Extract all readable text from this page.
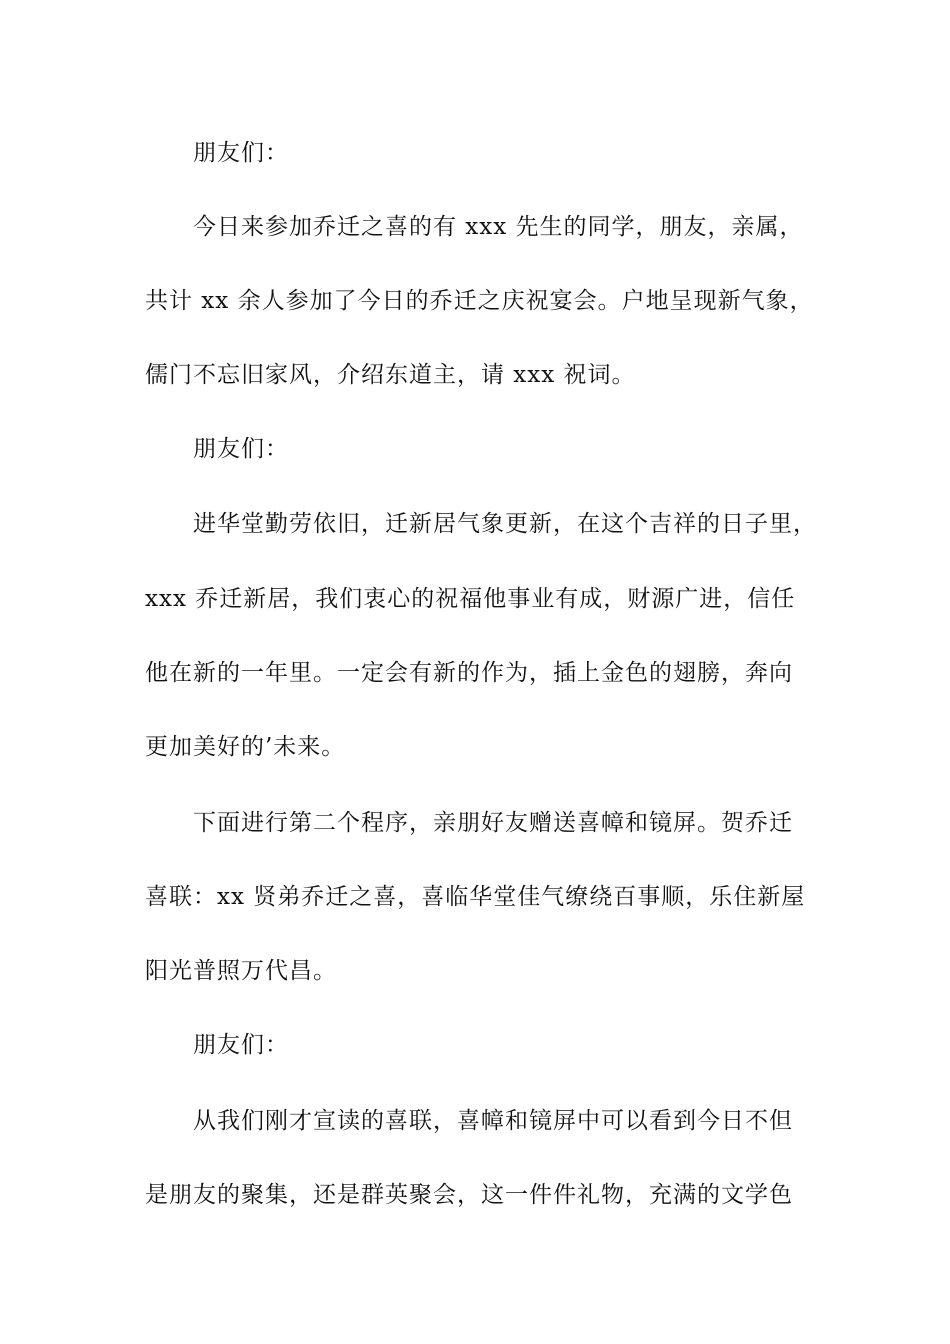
朋友们：
今日来参加乔迁之喜的有 xxx 先生的同学，朋友，亲属，
共计 xx 余人参加了今日的乔迁之庆祝宴会。户地呈现新气象，
儒门不忘旧家风，介绍东道主，请 xxx 祝词。
朋友们：
进华堂勤劳依旧，迁新居气象更新，在这个吉祥的日子里，
xxx 乔迁新居，我们衷心的祝福他事业有成，财源广进，信任
他在新的一年里。一定会有新的作为，插上金色的翅膀，奔向
更加美好的’未来。
下面进行第二个程序，亲朋好友赠送喜幛和镜屏。贺乔迁
喜联：xx 贤弟乔迁之喜，喜临华堂佳气缭绕百事顺，乐住新屋
阳光普照万代昌。
朋友们：
从我们刚才宣读的喜联，喜幛和镜屏中可以看到今日不但
是朋友的聚集，还是群英聚会，这一件件礼物，充满的文学色
